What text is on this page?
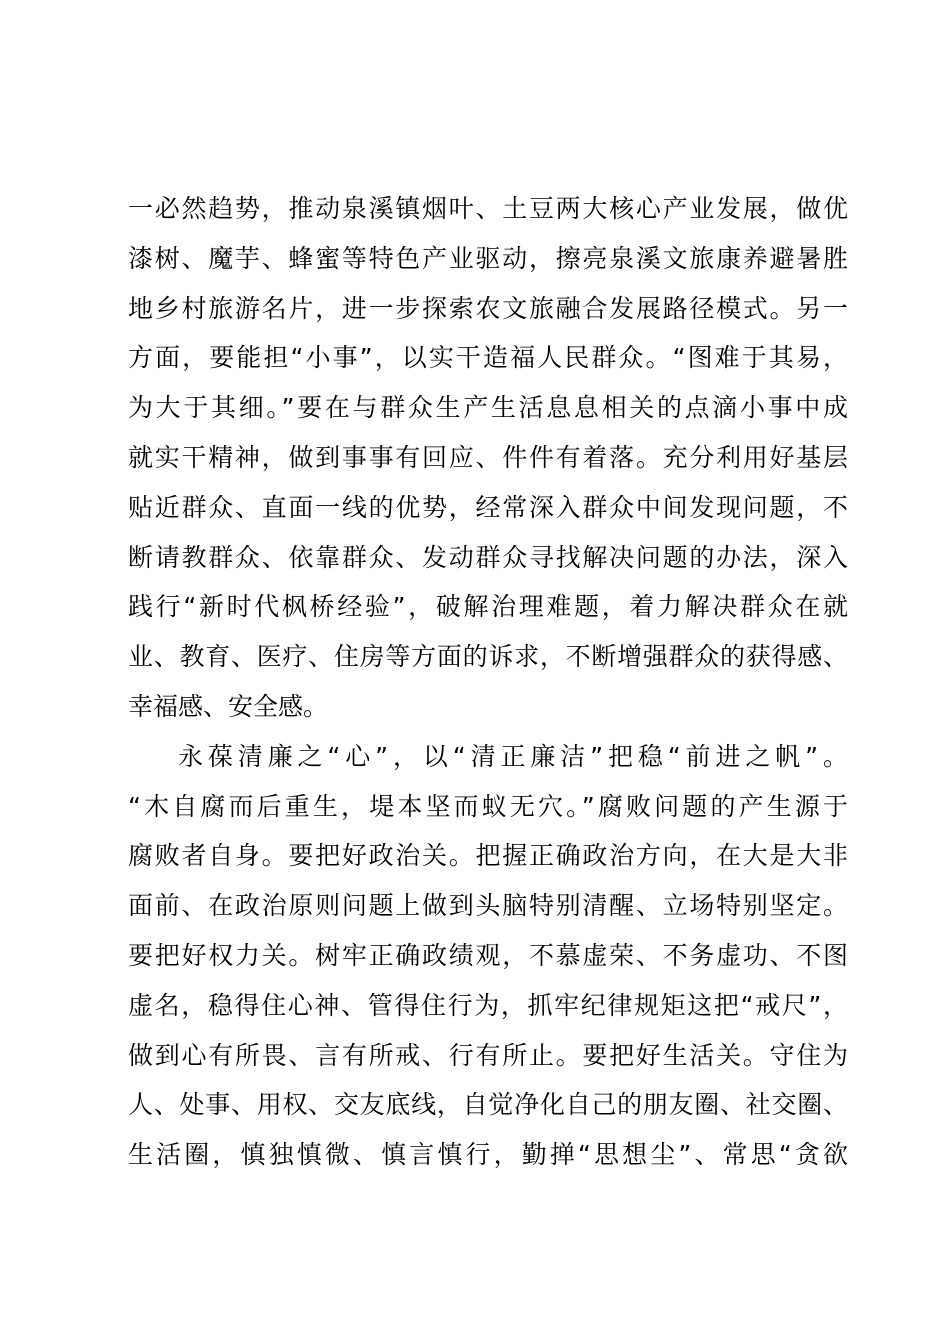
一必然趋势，推动泉溪镇烟叶、土豆两大核心产业发展，做优
漆树、魔芋、蜂蜜等特色产业驱动，擦亮泉溪文旅康养避暑胜
地乡村旅游名片，进一步探索农文旅融合发展路径模式。另一
方面，要能担“小事”，以实干造福人民群众。“图难于其易，
为大于其细。”要在与群众生产生活息息相关的点滴小事中成
就实干精神，做到事事有回应、件件有着落。充分利用好基层
贴近群众、直面一线的优势，经常深入群众中间发现问题，不
断请教群众、依靠群众、发动群众寻找解决问题的办法，深入
践行“新时代枫桥经验”，破解治理难题，着力解决群众在就
业、教育、医疗、住房等方面的诉求，不断增强群众的获得感、
幸福感、安全感。
永葆清廉之“心”，以“清正廉洁”把稳“前进之帆”。
“木自腐而后重生，堤本坚而蚁无穴。”腐败问题的产生源于
腐败者自身。要把好政治关。把握正确政治方向，在大是大非
面前、在政治原则问题上做到头脑特别清醒、立场特别坚定。
要把好权力关。树牢正确政绩观，不慕虚荣、不务虚功、不图
虚名，稳得住心神、管得住行为，抓牢纪律规矩这把“戒尺”，
做到心有所畏、言有所戒、行有所止。要把好生活关。守住为
人、处事、用权、交友底线，自觉净化自己的朋友圈、社交圈、
生活圈，慎独慎微、慎言慎行，勤掸“思想尘”、常思“贪欲
